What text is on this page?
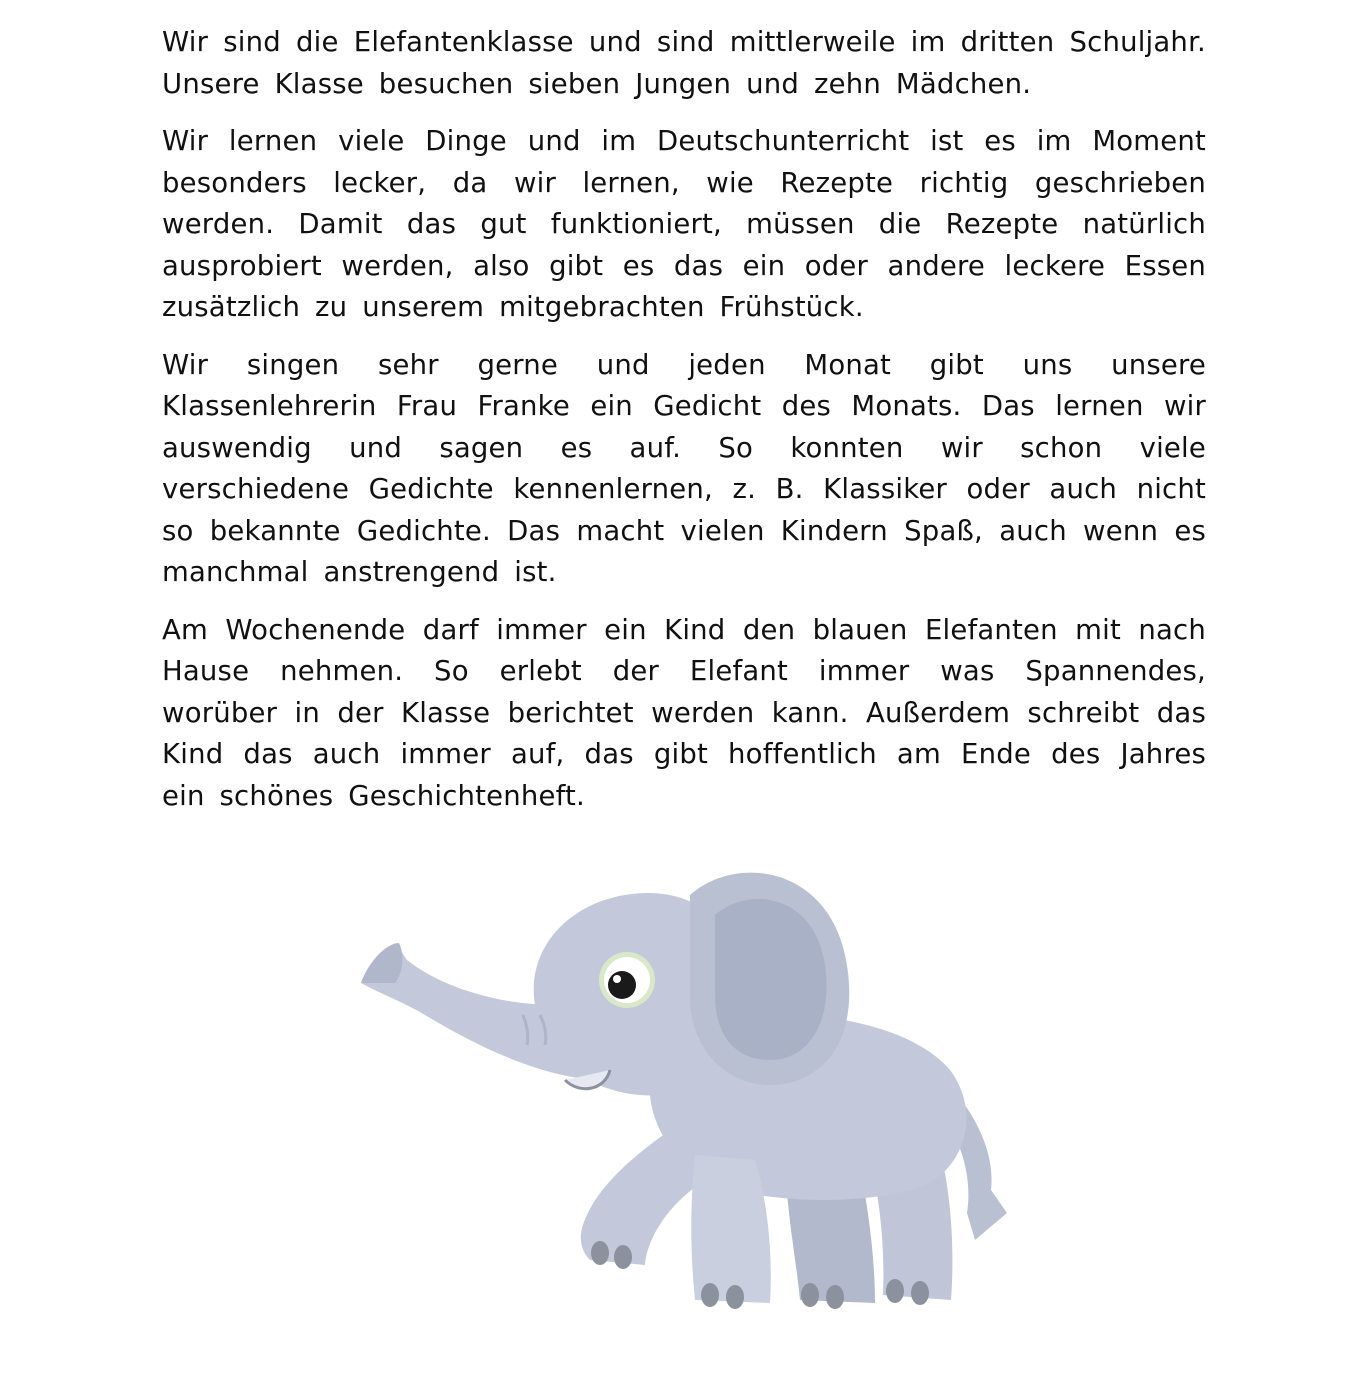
Wir sind die Elefantenklasse und sind mittlerweile im dritten Schuljahr. Unsere Klasse besuchen sieben Jungen und zehn Mädchen.

Wir lernen viele Dinge und im Deutschunterricht ist es im Moment besonders lecker, da wir lernen, wie Rezepte richtig geschrieben werden. Damit das gut funktioniert, müssen die Rezepte natürlich ausprobiert werden, also gibt es das ein oder andere leckere Essen zusätzlich zu unserem mitgebrachten Frühstück.

Wir singen sehr gerne und jeden Monat gibt uns unsere Klassenlehrerin Frau Franke ein Gedicht des Monats. Das lernen wir auswendig und sagen es auf. So konnten wir schon viele verschiedene Gedichte kennenlernen, z. B. Klassiker oder auch nicht so bekannte Gedichte. Das macht vielen Kindern Spaß, auch wenn es manchmal anstrengend ist.

Am Wochenende darf immer ein Kind den blauen Elefanten mit nach Hause nehmen. So erlebt der Elefant immer was Spannendes, worüber in der Klasse berichtet werden kann. Außerdem schreibt das Kind das auch immer auf, das gibt hoffentlich am Ende des Jahres ein schönes Geschichtenheft.
